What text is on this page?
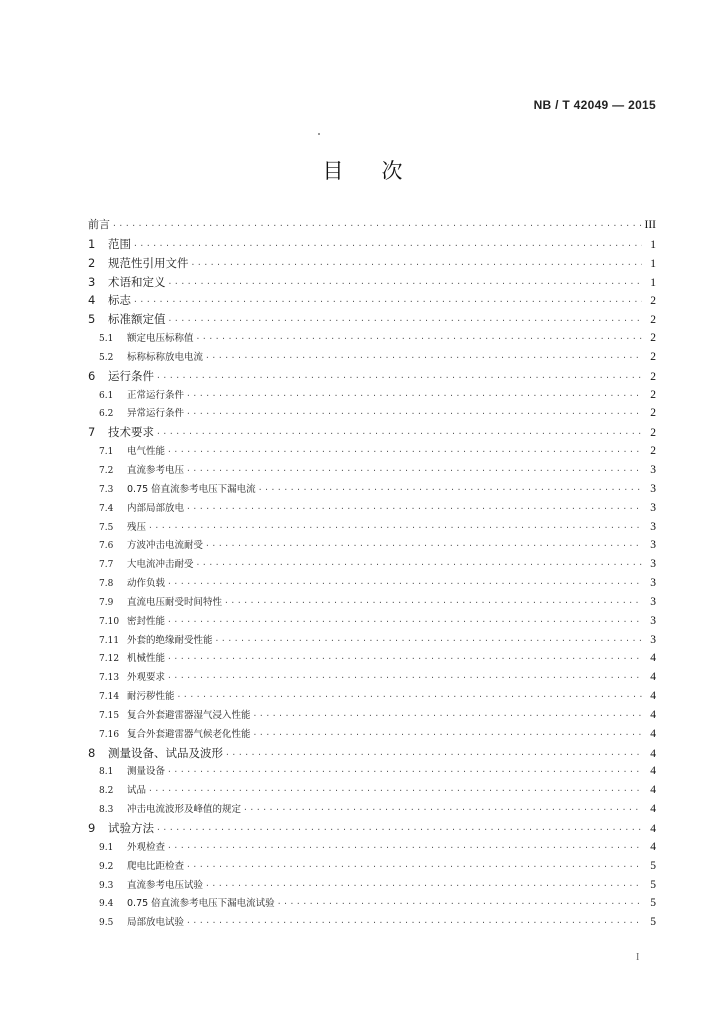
NB / T 42049 — 2015
目 次
前言 ·····	III
1	范围 ·····	1
2	规范性引用文件 ·····	1
3	术语和定义 ·····	1
4	标志 ·····	2
5	标准额定值 ·····	2
5.1	额定电压标称值 ·····	2
5.2	标称标称放电电流 ·····	2
6	运行条件 ·····	2
6.1	正常运行条件 ·····	2
6.2	异常运行条件 ·····	2
7	技术要求 ·····	2
7.1	电气性能 ·····	2
7.2	直流参考电压 ·····	3
7.3	0.75 倍直流参考电压下漏电流 ·····	3
7.4	内部局部放电 ·····	3
7.5	残压 ·····	3
7.6	方波冲击电流耐受 ·····	3
7.7	大电流冲击耐受 ·····	3
7.8	动作负载 ·····	3
7.9	直流电压耐受时间特性 ·····	3
7.10 密封性能 ·····	3
7.11 外套的绝缘耐受性能 ·····	3
7.12 机械性能 ·····	4
7.13 外观要求 ·····	4
7.14 耐污秽性能 ·····	4
7.15 复合外套避雷器湿气浸入性能 ·····	4
7.16 复合外套避雷器气候老化性能 ·····	4
8	测量设备、试品及波形 ·····	4
8.1	测量设备 ·····	4
8.2	试品 ·····	4
8.3	冲击电流波形及峰值的规定 ·····	4
9	试验方法 ·····	4
9.1	外观检查 ·····	4
9.2	爬电比距检查 ·····	5
9.3	直流参考电压试验 ·····	5
9.4	0.75 倍直流参考电压下漏电流试验 ·····	5
9.5	局部放电试验 ·····	5
I
